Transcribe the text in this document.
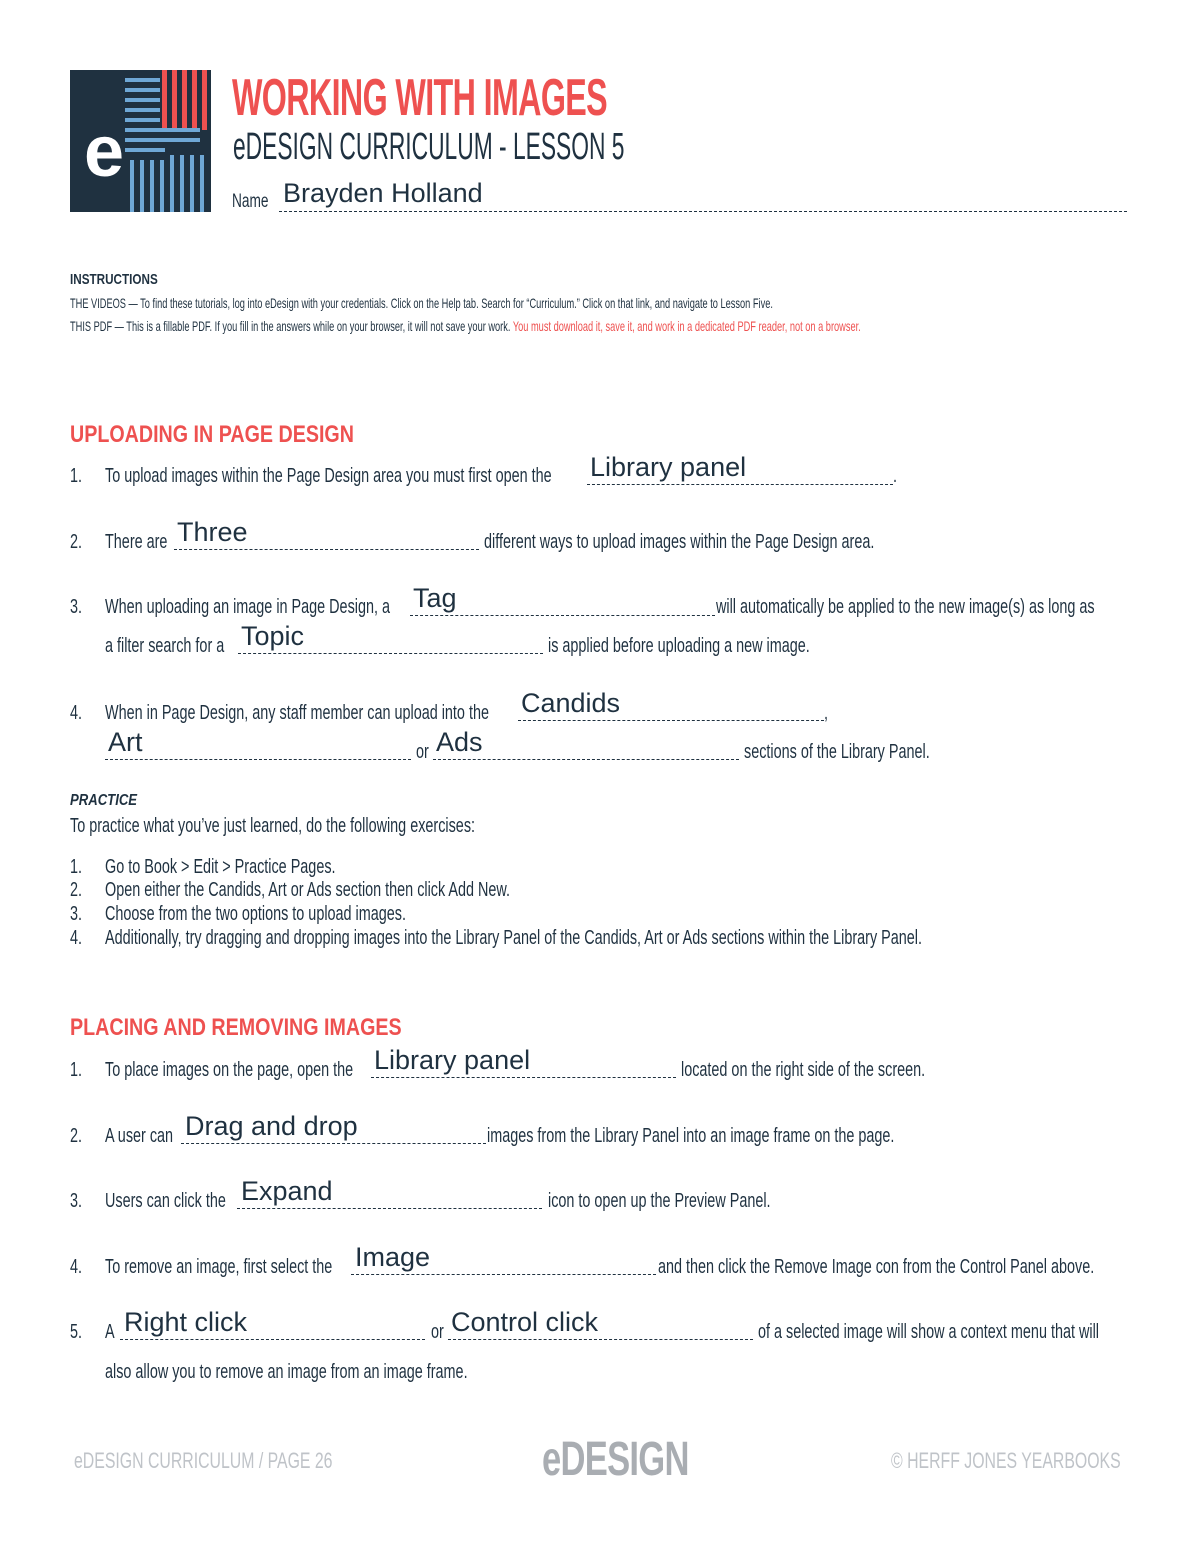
e
WORKING WITH IMAGES
eDESIGN CURRICULUM - LESSON 5
Name Brayden Holland
INSTRUCTIONS
THE VIDEOS — To find these tutorials, log into eDesign with your credentials. Click on the Help tab. Search for “Curriculum.” Click on that link, and navigate to Lesson Five.
THIS PDF — This is a fillable PDF. If you fill in the answers while on your browser, it will not save your work. You must download it, save it, and work in a dedicated PDF reader, not on a browser.
UPLOADING IN PAGE DESIGN
1. To upload images within the Page Design area you must first open the Library panel	.
2. There are Three	different ways to upload images within the Page Design area.
3. When uploading an image in Page Design, a Tag	will automatically be applied to the new image(s) as long as
a filter search for a Topic	is applied before uploading a new image.
4. When in Page Design, any staff member can upload into the Candids	,
Art	or Ads	sections of the Library Panel.
PRACTICE
To practice what you’ve just learned, do the following exercises:
1. Go to Book > Edit > Practice Pages.
2. Open either the Candids, Art or Ads section then click Add New.
3. Choose from the two options to upload images.
4. Additionally, try dragging and dropping images into the Library Panel of the Candids, Art or Ads sections within the Library Panel.
PLACING AND REMOVING IMAGES
1. To place images on the page, open the Library panel	located on the right side of the screen.
2. A user can Drag and drop	images from the Library Panel into an image frame on the page.
3. Users can click the Expand	icon to open up the Preview Panel.
4. To remove an image, first select the Image	and then click the Remove Image con from the Control Panel above.
5. A Right click	or Control click	of a selected image will show a context menu that will
also allow you to remove an image from an image frame.
eDESIGN CURRICULUM / PAGE 26	eDESIGN	© HERFF JONES YEARBOOKS
